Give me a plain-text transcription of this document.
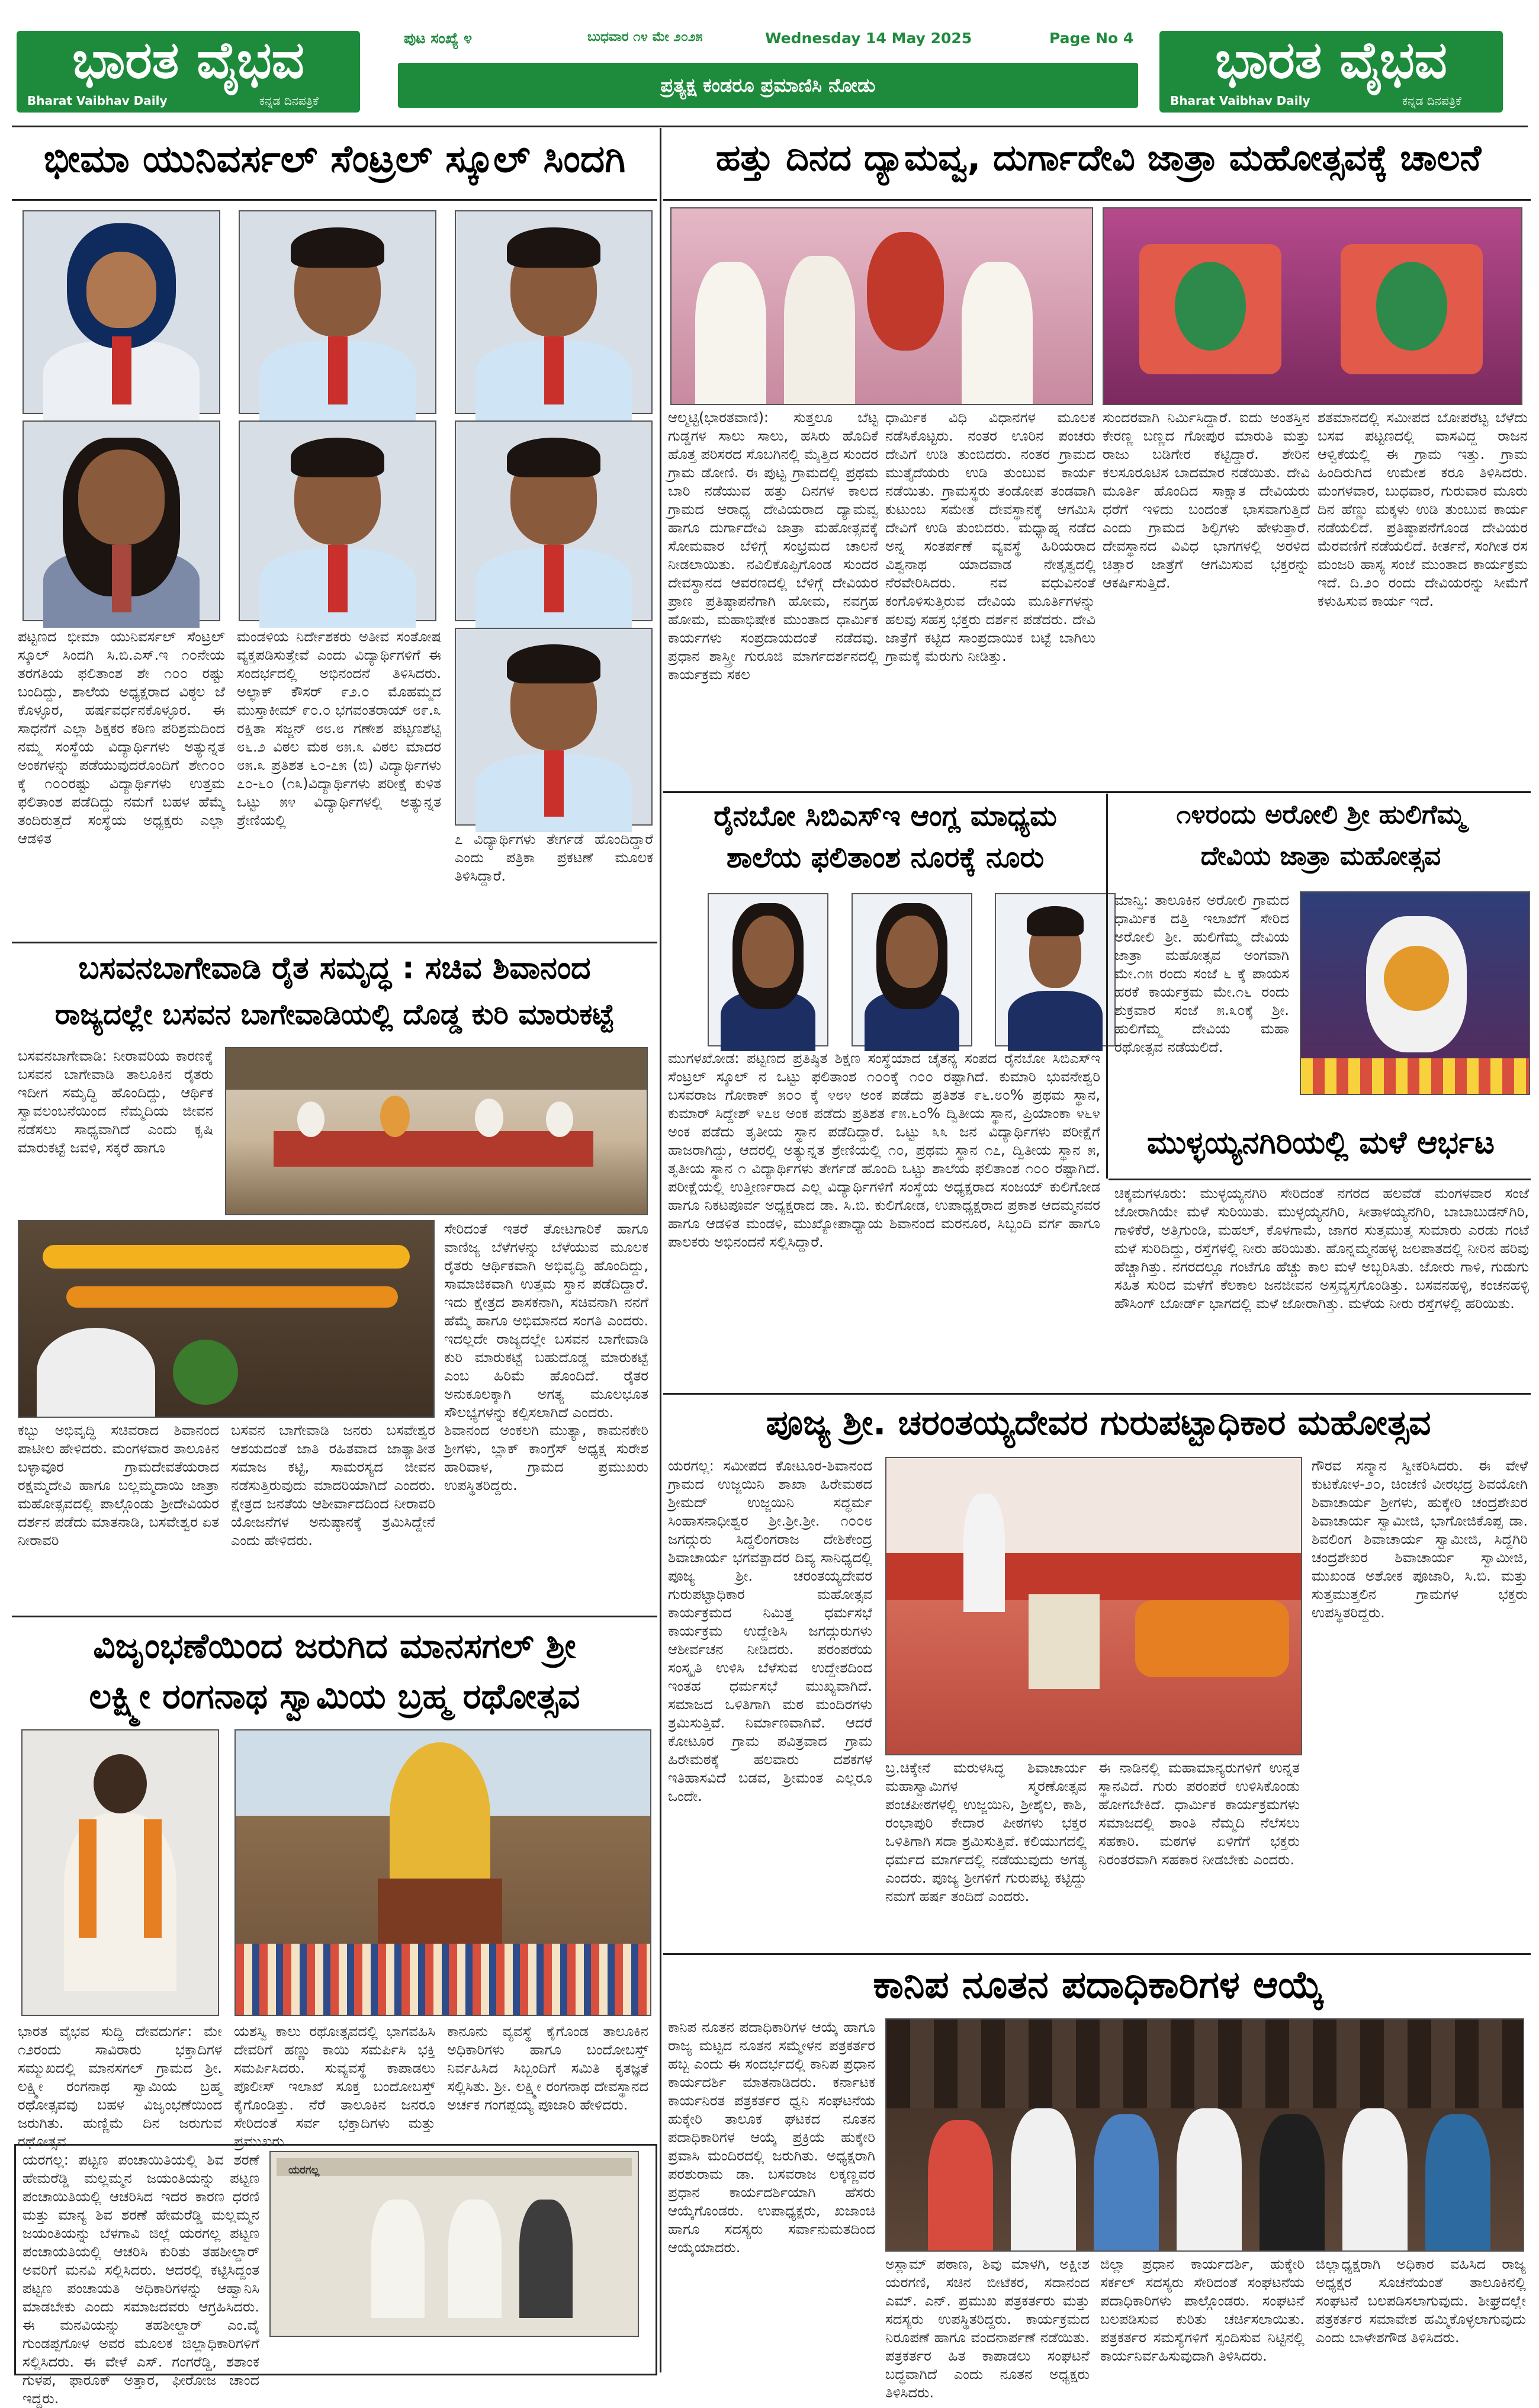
ಭಾರತ ವೈಭವ
Bharat Vaibhav Daily	ಕನ್ನಡ ದಿನಪತ್ರಿಕೆ
ಭಾರತ ವೈಭವ
Bharat Vaibhav Daily	ಕನ್ನಡ ದಿನಪತ್ರಿಕೆ
ಪುಟ ಸಂಖ್ಯೆ ೪	ಬುಧವಾರ ೧೪ ಮೇ ೨೦೨೫	Wednesday 14 May 2025	Page No 4
ಪ್ರತ್ಯಕ್ಷ ಕಂಡರೂ ಪ್ರಮಾಣಿಸಿ ನೋಡು
ಭೀಮಾ ಯುನಿವರ್ಸಲ್ ಸೆಂಟ್ರಲ್ ಸ್ಕೂಲ್ ಸಿಂದಗಿ
ಪಟ್ಟಣದ ಭೀಮಾ ಯುನಿವರ್ಸಲ್ ಸೆಂಟ್ರಲ್ ಸ್ಕೂಲ್ ಸಿಂದಗಿ ಸಿ.ಬಿ.ಎಸ್.ಇ ೧೦ನೇಯ ತರಗತಿಯ ಫಲಿತಾಂಶ ಶೇ ೧೦೦ ರಷ್ಟು ಬಂದಿದ್ದು, ಶಾಲೆಯ ಅಧ್ಯಕ್ಷರಾದ ವಿಠ್ಠಲ ಜೆ ಕೊಳ್ಳೂರ, ಹರ್ಷವರ್ಧನಕೊಳ್ಳೂರ. ಈ ಸಾಧನೆಗೆ ಎಲ್ಲಾ ಶಿಕ್ಷಕರ ಕಠಿಣ ಪರಿಶ್ರಮದಿಂದ ನಮ್ಮ ಸಂಸ್ಥೆಯ ವಿದ್ಯಾರ್ಥಿಗಳು ಅತ್ಯುನ್ನತ ಅಂಕಗಳನ್ನು ಪಡೆಯುವುದರೊಂದಿಗೆ ಶೇ೧೦೦ ಕ್ಕೆ ೧೦೦ರಷ್ಟು ವಿದ್ಯಾರ್ಥಿಗಳು ಉತ್ತಮ ಫಲಿತಾಂಶ ಪಡೆದಿದ್ದು ನಮಗೆ ಬಹಳ ಹೆಮ್ಮೆ ತಂದಿರುತ್ತದೆ ಸಂಸ್ಥೆಯ ಅಧ್ಯಕ್ಷರು ಎಲ್ಲಾ ಆಡಳಿತ
ಮಂಡಳಿಯ ನಿರ್ದೇಶಕರು ಅತೀವ ಸಂತೋಷ ವ್ಯಕ್ತಪಡಿಸುತ್ತೇವೆ ಎಂದು ವಿದ್ಯಾರ್ಥಿಗಳಿಗೆ ಈ ಸಂದರ್ಭದಲ್ಲಿ ಅಭಿನಂದನೆ ತಿಳಿಸಿದರು. ಅಲ್ಫಾಕ್ ಕೌಸರ್ ೯೨.೦ ಮೊಹಮ್ಮದ ಮುಸ್ತಾಕೀಮ್ ೯೦.೦ ಭಗವಂತರಾಯ್ ೮೯.೩ ರಕ್ಷಿತಾ ಸಜ್ಜನ್ ೮೮.೮ ಗಣೇಶ ಪಟ್ಟಣಶೆಟ್ಟಿ ೮೬.೨ ವಿಠಲ ಮಠ ೮೫.೩ ವಿಠಲ ಮಾದರ ೮೫.೩ ಪ್ರತಿಶತ ೬೦-೭೫ (ಬಿ) ವಿದ್ಯಾರ್ಥಿಗಳು ೭೦-೬೦ (೧೩)ವಿದ್ಯಾರ್ಥಿಗಳು ಪರೀಕ್ಷೆ ಕುಳಿತ ಒಟ್ಟು ೫೪ ವಿದ್ಯಾರ್ಥಿಗಳಲ್ಲಿ ಅತ್ಯುನ್ನತ ಶ್ರೇಣಿಯಲ್ಲಿ
೭ ವಿದ್ಯಾರ್ಥಿಗಳು ತೇರ್ಗಡೆ ಹೊಂದಿದ್ದಾರೆ ಎಂದು ಪತ್ರಿಕಾ ಪ್ರಕಟಣೆ ಮೂಲಕ ತಿಳಿಸಿದ್ದಾರೆ.
ಬಸವನಬಾಗೇವಾಡಿ ರೈತ ಸಮೃದ್ಧ : ಸಚಿವ ಶಿವಾನಂದ
ರಾಜ್ಯದಲ್ಲೇ ಬಸವನ ಬಾಗೇವಾಡಿಯಲ್ಲಿ ದೊಡ್ಡ ಕುರಿ ಮಾರುಕಟ್ಟೆ
ಬಸವನಬಾಗೇವಾಡಿ: ನೀರಾವರಿಯ ಕಾರಣಕ್ಕೆ ಬಸವನ ಬಾಗೇವಾಡಿ ತಾಲೂಕಿನ ರೈತರು ಇದೀಗ ಸಮೃದ್ಧಿ ಹೊಂದಿದ್ದು, ಆರ್ಥಿಕ ಸ್ವಾವಲಂಬನೆಯಿಂದ ನೆಮ್ಮದಿಯ ಜೀವನ ನಡೆಸಲು ಸಾಧ್ಯವಾಗಿದೆ ಎಂದು ಕೃಷಿ ಮಾರುಕಟ್ಟೆ ಜವಳಿ, ಸಕ್ಕರೆ ಹಾಗೂ
ಸೇರಿದಂತೆ ಇತರೆ ತೋಟಗಾರಿಕೆ ಹಾಗೂ ವಾಣಿಜ್ಯ ಬೆಳೆಗಳನ್ನು ಬೆಳೆಯುವ ಮೂಲಕ ರೈತರು ಆರ್ಥಿಕವಾಗಿ ಅಭಿವೃದ್ಧಿ ಹೊಂದಿದ್ದು, ಸಾಮಾಜಿಕವಾಗಿ ಉತ್ತಮ ಸ್ಥಾನ ಪಡೆದಿದ್ದಾರೆ. ಇದು ಕ್ಷೇತ್ರದ ಶಾಸಕನಾಗಿ, ಸಚಿವನಾಗಿ ನನಗೆ ಹೆಮ್ಮೆ ಹಾಗೂ ಅಭಿಮಾನದ ಸಂಗತಿ ಎಂದರು. ಇದಲ್ಲದೇ ರಾಜ್ಯದಲ್ಲೇ ಬಸವನ ಬಾಗೇವಾಡಿ ಕುರಿ ಮಾರುಕಟ್ಟೆ ಬಹುದೊಡ್ಡ ಮಾರುಕಟ್ಟೆ ಎಂಬ ಹಿರಿಮೆ ಹೊಂದಿದೆ. ರೈತರ ಅನುಕೂಲಕ್ಕಾಗಿ ಅಗತ್ಯ ಮೂಲಭೂತ ಸೌಲಭ್ಯಗಳನ್ನು ಕಲ್ಪಿಸಲಾಗಿದೆ ಎಂದರು.
ಕಬ್ಬು ಅಭಿವೃದ್ಧಿ ಸಚಿವರಾದ ಶಿವಾನಂದ ಪಾಟೀಲ ಹೇಳಿದರು. ಮಂಗಳವಾರ ತಾಲೂಕಿನ ಬಳ್ಳಾವೂರ ಗ್ರಾಮದೇವತೆಯರಾದ ರಕ್ಷಮ್ಮದೇವಿ ಹಾಗೂ ಬಲ್ಲಮ್ಮದಾಯಿ ಜಾತ್ರಾ ಮಹೋತ್ಸವದಲ್ಲಿ ಪಾಲ್ಗೊಂಡು ಶ್ರೀದೇವಿಯರ ದರ್ಶನ ಪಡೆದು ಮಾತನಾಡಿ, ಬಸವೇಶ್ವರ ಏತ ನೀರಾವರಿ
ಬಸವನ ಬಾಗೇವಾಡಿ ಜನರು ಬಸವೇಶ್ವರ ಆಶಯದಂತೆ ಜಾತಿ ರಹಿತವಾದ ಜಾತ್ಯಾತೀತ ಸಮಾಜ ಕಟ್ಟಿ, ಸಾಮರಸ್ಯದ ಜೀವನ ನಡೆಸುತ್ತಿರುವುದು ಮಾದರಿಯಾಗಿದೆ ಎಂದರು. ಕ್ಷೇತ್ರದ ಜನತೆಯ ಆಶೀರ್ವಾದದಿಂದ ನೀರಾವರಿ ಯೋಜನೆಗಳ ಅನುಷ್ಠಾನಕ್ಕೆ ಶ್ರಮಿಸಿದ್ದೇನೆ ಎಂದು ಹೇಳಿದರು.
ಶಿವಾನಂದ ಅಂಕಲಗಿ ಮುತ್ಯಾ, ಕಾಮನಕೇರಿ ಶ್ರೀಗಳು, ಬ್ಲಾಕ್ ಕಾಂಗ್ರೆಸ್ ಅಧ್ಯಕ್ಷ ಸುರೇಶ ಹಾರಿವಾಳ, ಗ್ರಾಮದ ಪ್ರಮುಖರು ಉಪಸ್ಥಿತರಿದ್ದರು.
ವಿಜೃಂಭಣೆಯಿಂದ ಜರುಗಿದ ಮಾನಸಗಲ್ ಶ್ರೀ
ಲಕ್ಷ್ಮೀ ರಂಗನಾಥ ಸ್ವಾಮಿಯ ಬ್ರಹ್ಮ ರಥೋತ್ಸವ
ಭಾರತ ವೈಭವ ಸುದ್ದಿ ದೇವದುರ್ಗ: ಮೇ ೧೨ರಂದು ಸಾವಿರಾರು ಭಕ್ತಾದಿಗಳ ಸಮ್ಮುಖದಲ್ಲಿ ಮಾನಸಗಲ್ ಗ್ರಾಮದ ಶ್ರೀ. ಲಕ್ಷ್ಮೀ ರಂಗನಾಥ ಸ್ವಾಮಿಯ ಬ್ರಹ್ಮ ರಥೋತ್ಸವವು ಬಹಳ ವಿಜೃಂಭಣೆಯಿಂದ ಜರುಗಿತು. ಹುಣ್ಣಿಮೆ ದಿನ ಜರುಗುವ ರಥೋತ್ಸವ
ಯಶಸ್ವಿ ಕಾಲು ರಥೋತ್ಸವದಲ್ಲಿ ಭಾಗವಹಿಸಿ ದೇವರಿಗೆ ಹಣ್ಣು ಕಾಯಿ ಸಮರ್ಪಿಸಿ ಭಕ್ತಿ ಸಮರ್ಪಿಸಿದರು. ಸುವ್ಯವಸ್ಥೆ ಕಾಪಾಡಲು ಪೊಲೀಸ್ ಇಲಾಖೆ ಸೂಕ್ತ ಬಂದೋಬಸ್ತ್ ಕೈಗೊಂಡಿತ್ತು. ನೆರೆ ತಾಲೂಕಿನ ಜನರೂ ಸೇರಿದಂತೆ ಸರ್ವ ಭಕ್ತಾದಿಗಳು ಮತ್ತು ಪ್ರಮುಖರು
ಕಾನೂನು ವ್ಯವಸ್ಥೆ ಕೈಗೊಂಡ ತಾಲೂಕಿನ ಅಧಿಕಾರಿಗಳು ಹಾಗೂ ಬಂದೋಬಸ್ತ್ ನಿರ್ವಹಿಸಿದ ಸಿಬ್ಬಂದಿಗೆ ಸಮಿತಿ ಕೃತಜ್ಞತೆ ಸಲ್ಲಿಸಿತು. ಶ್ರೀ. ಲಕ್ಷ್ಮೀ ರಂಗನಾಥ ದೇವಸ್ಥಾನದ ಅರ್ಚಕ ಗಂಗಪ್ಪಯ್ಯ ಪೂಜಾರಿ ಹೇಳಿದರು.
ಯರಗಲ್ಲ: ಪಟ್ಟಣ ಪಂಚಾಯಿತಿಯಲ್ಲಿ ಶಿವ ಶರಣೆ ಹೇಮರೆಡ್ಡಿ ಮಲ್ಲಮ್ಮನ ಜಯಂತಿಯನ್ನು ಪಟ್ಟಣ ಪಂಚಾಯಿತಿಯಲ್ಲಿ ಆಚರಿಸಿದ ಇದರ ಕಾರಣ ಧರಣಿ ಮತ್ತು ಮಾನ್ಯ ಶಿವ ಶರಣೆ ಹೇಮರೆಡ್ಡಿ ಮಲ್ಲಮ್ಮನ ಜಯಂತಿಯನ್ನು ಬೆಳಗಾವಿ ಜಿಲ್ಲೆ ಯರಗಲ್ಲ ಪಟ್ಟಣ ಪಂಚಾಯತಿಯಲ್ಲಿ ಆಚರಿಸಿ ಕುರಿತು ತಹಶೀಲ್ದಾರ್ ಅವರಿಗೆ ಮನವಿ ಸಲ್ಲಿಸಿದರು. ಆದರಲ್ಲಿ ಕಟ್ಟಿಸಿದ್ದಂತ ಪಟ್ಟಣ ಪಂಚಾಯತಿ ಅಧಿಕಾರಿಗಳನ್ನು ಆಹ್ವಾನಿಸಿ ಮಾಡಬೇಕು ಎಂದು ಸಮಾಜದವರು ಆಗ್ರಹಿಸಿದರು. ಈ ಮನವಿಯನ್ನು ತಹಶೀಲ್ದಾರ್ ಎಂ.ವೈ ಗುಂಡಪ್ಪಗೋಳ ಅವರ ಮೂಲಕ ಜಿಲ್ಲಾಧಿಕಾರಿಗಳಿಗೆ ಸಲ್ಲಿಸಿದರು. ಈ ವೇಳೆ ಎಸ್. ಗಂಗರೆಡ್ಡಿ, ಶಶಾಂಕ ಗುಳಪ, ಫಾರೂಕ್ ಅತ್ತಾರ, ಫೀರೋಜ ಚಾಂದ ಇದ್ದರು.
ಯರಗಲ್ಲ
ಹತ್ತು ದಿನದ ದ್ಯಾಮವ್ವ, ದುರ್ಗಾದೇವಿ ಜಾತ್ರಾ ಮಹೋತ್ಸವಕ್ಕೆ ಚಾಲನೆ
ಆಲ್ಮಟ್ಟಿ(ಭಾರತವಾಣಿ): ಸುತ್ತಲೂ ಬೆಟ್ಟ ಗುಡ್ಡಗಳ ಸಾಲು ಸಾಲು, ಹಸಿರು ಹೊದಿಕೆ ಹೊತ್ತ ಪರಿಸರದ ಸೊಬಗಿನಲ್ಲಿ ಮೈತ್ತಿದ ಸುಂದರ ಗ್ರಾಮ ಡೋಣಿ. ಈ ಪುಟ್ಟ ಗ್ರಾಮದಲ್ಲಿ ಪ್ರಥಮ ಬಾರಿ ನಡೆಯುವ ಹತ್ತು ದಿನಗಳ ಕಾಲದ ಗ್ರಾಮದ ಆರಾಧ್ಯ ದೇವಿಯರಾದ ದ್ಯಾಮವ್ವ ಹಾಗೂ ದುರ್ಗಾದೇವಿ ಜಾತ್ರಾ ಮಹೋತ್ಸವಕ್ಕೆ ಸೋಮವಾರ ಬೆಳಿಗ್ಗೆ ಸಂಭ್ರಮದ ಚಾಲನೆ ನೀಡಲಾಯಿತು. ನವಿಲಿಕೊಪ್ಪಿಗೊಂಡ ಸುಂದರ ದೇವಸ್ಥಾನದ ಆವರಣದಲ್ಲಿ ಬೆಳಿಗ್ಗೆ ದೇವಿಯರ ಪ್ರಾಣ ಪ್ರತಿಷ್ಠಾಪನೆಗಾಗಿ ಹೋಮ, ನವಗ್ರಹ ಹೋಮ, ಮಹಾಭಿಷೇಕ ಮುಂತಾದ ಧಾರ್ಮಿಕ ಕಾರ್ಯಗಳು ಸಂಪ್ರದಾಯದಂತೆ ನಡೆದವು. ಪ್ರಧಾನ ಶಾಸ್ತ್ರೀ ಗುರೂಜಿ ಮಾರ್ಗದರ್ಶನದಲ್ಲಿ ಕಾರ್ಯಕ್ರಮ ಸಕಲ
ಧಾರ್ಮಿಕ ವಿಧಿ ವಿಧಾನಗಳ ಮೂಲಕ ನಡೆಸಿಕೊಟ್ಟರು. ನಂತರ ಊರಿನ ಪಂಚರು ದೇವಿಗೆ ಉಡಿ ತುಂಬಿದರು. ನಂತರ ಗ್ರಾಮದ ಮುತ್ತೈದೆಯರು ಉಡಿ ತುಂಬುವ ಕಾರ್ಯ ನಡೆಯಿತು. ಗ್ರಾಮಸ್ಥರು ತಂಡೋಪ ತಂಡವಾಗಿ ಕುಟುಂಬ ಸಮೇತ ದೇವಸ್ಥಾನಕ್ಕೆ ಆಗಮಿಸಿ ದೇವಿಗೆ ಉಡಿ ತುಂಬಿದರು. ಮಧ್ಯಾಹ್ನ ನಡೆದ ಅನ್ನ ಸಂತರ್ಪಣೆ ವ್ಯವಸ್ಥೆ ಹಿರಿಯರಾದ ವಿಶ್ವನಾಥ ಯಾದವಾಡ ನೇತೃತ್ವದಲ್ಲಿ ನೆರವೇರಿಸಿದರು. ನವ ವಧುವಿನಂತೆ ಕಂಗೊಳಿಸುತ್ತಿರುವ ದೇವಿಯ ಮೂರ್ತಿಗಳನ್ನು ಹಲವು ಸಹಸ್ರ ಭಕ್ತರು ದರ್ಶನ ಪಡೆದರು. ದೇವಿ ಜಾತ್ರೆಗೆ ಕಟ್ಟಿದ ಸಾಂಪ್ರದಾಯಿಕ ಬಟ್ಟೆ ಬಾಗಿಲು ಗ್ರಾಮಕ್ಕೆ ಮೆರುಗು ನೀಡಿತ್ತು.
ಸುಂದರವಾಗಿ ನಿರ್ಮಿಸಿದ್ದಾರೆ. ಐದು ಅಂತಸ್ತಿನ ಕೇರಣ್ಣ ಬಣ್ಣದ ಗೋಪುರ ಮಾರುತಿ ಮತ್ತು ರಾಜು ಬಡಿಗೇರ ಕಟ್ಟಿದ್ದಾರೆ. ಶೇರಿನ ಕಲಸೂರೂಟಿಸ ಬಾದಮಾರ ನಡೆಯಿತು. ದೇವಿ ಮೂರ್ತಿ ಹೊಂದಿದ ಸಾಕ್ಷಾತ ದೇವಿಯರು ಧರೆಗೆ ಇಳಿದು ಬಂದಂತೆ ಭಾಸವಾಗುತ್ತಿದೆ ಎಂದು ಗ್ರಾಮದ ಶಿಲ್ಪಿಗಳು ಹೇಳುತ್ತಾರೆ. ದೇವಸ್ಥಾನದ ವಿವಿಧ ಭಾಗಗಳಲ್ಲಿ ಅರಳಿದ ಚಿತ್ತಾರ ಜಾತ್ರೆಗೆ ಆಗಮಿಸುವ ಭಕ್ತರನ್ನು ಆಕರ್ಷಿಸುತ್ತಿದೆ.
ಶತಮಾನದಲ್ಲಿ ಸಮೀಪದ ಬೋಪರೆಟ್ಟ ಬೆಳೆದು ಬಸವ ಪಟ್ಟಣದಲ್ಲಿ ವಾಸವಿದ್ದ ರಾಜನ ಆಳ್ವಿಕೆಯಲ್ಲಿ ಈ ಗ್ರಾಮ ಇತ್ತು. ಗ್ರಾಮ ಹಿಂದಿರುಗಿದ ಉಮೇಶ ಕರೂ ತಿಳಿಸಿದರು. ಮಂಗಳವಾರ, ಬುಧವಾರ, ಗುರುವಾರ ಮೂರು ದಿನ ಹೆಣ್ಣು ಮಕ್ಕಳು ಉಡಿ ತುಂಬುವ ಕಾರ್ಯ ನಡೆಯಲಿದೆ. ಪ್ರತಿಷ್ಠಾಪನೆಗೊಂಡ ದೇವಿಯರ ಮೆರವಣಿಗೆ ನಡೆಯಲಿದೆ. ಕೀರ್ತನೆ, ಸಂಗೀತ ರಸ ಮಂಜರಿ ಹಾಸ್ಯ ಸಂಜೆ ಮುಂತಾದ ಕಾರ್ಯಕ್ರಮ ಇದೆ. ದಿ.೨೦ ರಂದು ದೇವಿಯರನ್ನು ಸೀಮೆಗೆ ಕಳುಹಿಸುವ ಕಾರ್ಯ ಇದೆ.
ರೈನಬೋ ಸಿಬಿಎಸ್‌ಇ ಆಂಗ್ಲ ಮಾಧ್ಯಮ
ಶಾಲೆಯ ಫಲಿತಾಂಶ ನೂರಕ್ಕೆ ನೂರು
ಮುಗಳಖೋಡ: ಪಟ್ಟಣದ ಪ್ರತಿಷ್ಠಿತ ಶಿಕ್ಷಣ ಸಂಸ್ಥೆಯಾದ ಚೈತನ್ಯ ಸಂಪದ ರೈನಬೋ ಸಿಬಿಎಸ್‌ಇ ಸೆಂಟ್ರಲ್ ಸ್ಕೂಲ್ ನ ಒಟ್ಟು ಫಲಿತಾಂಶ ೧೦೦ಕ್ಕೆ ೧೦೦ ರಷ್ಟಾಗಿದೆ. ಕುಮಾರಿ ಭುವನೇಶ್ವರಿ ಬಸವರಾಜ ಗೋಕಾಕ್ ೫೦೦ ಕ್ಕೆ ೪೮೪ ಅಂಕ ಪಡೆದು ಪ್ರತಿಶತ ೯೬.೮೦% ಪ್ರಥಮ ಸ್ಥಾನ, ಕುಮಾರ್ ಸಿದ್ದೇಶ್ ೪೭೮ ಅಂಕ ಪಡೆದು ಪ್ರತಿಶತ ೯೫.೬೦% ದ್ವಿತೀಯ ಸ್ಥಾನ, ಪ್ರಿಯಾಂಕಾ ೪೬೪ ಅಂಕ ಪಡೆದು ತೃತೀಯ ಸ್ಥಾನ ಪಡೆದಿದ್ದಾರೆ. ಒಟ್ಟು ೩೩ ಜನ ವಿದ್ಯಾರ್ಥಿಗಳು ಪರೀಕ್ಷೆಗೆ ಹಾಜರಾಗಿದ್ದು, ಆದರಲ್ಲಿ ಅತ್ಯುನ್ನತ ಶ್ರೇಣಿಯಲ್ಲಿ ೧೦, ಪ್ರಥಮ ಸ್ಥಾನ ೧೭, ದ್ವಿತೀಯ ಸ್ಥಾನ ೫, ತೃತೀಯ ಸ್ಥಾನ ೧ ವಿದ್ಯಾರ್ಥಿಗಳು ತೇರ್ಗಡೆ ಹೊಂದಿ ಒಟ್ಟು ಶಾಲೆಯ ಫಲಿತಾಂಶ ೧೦೦ ರಷ್ಟಾಗಿದೆ. ಪರೀಕ್ಷೆಯಲ್ಲಿ ಉತ್ತೀರ್ಣರಾದ ಎಲ್ಲ ವಿದ್ಯಾರ್ಥಿಗಳಿಗೆ ಸಂಸ್ಥೆಯ ಅಧ್ಯಕ್ಷರಾದ ಸಂಜಯ್ ಕುಲಿಗೋಡ ಹಾಗೂ ನಿಕಟಪೂರ್ವ ಅಧ್ಯಕ್ಷರಾದ ಡಾ. ಸಿ.ಬಿ. ಕುಲಿಗೋಡ, ಉಪಾಧ್ಯಕ್ಷರಾದ ಪ್ರಕಾಶ ಆದಮ್ಮನವರ ಹಾಗೂ ಆಡಳಿತ ಮಂಡಳಿ, ಮುಖ್ಯೋಪಾಧ್ಯಾಯ ಶಿವಾನಂದ ಮರನೂರ, ಸಿಬ್ಬಂದಿ ವರ್ಗ ಹಾಗೂ ಪಾಲಕರು ಅಭಿನಂದನೆ ಸಲ್ಲಿಸಿದ್ದಾರೆ.
೧೪ರಂದು ಅರೋಲಿ ಶ್ರೀ ಹುಲಿಗೆಮ್ಮ
ದೇವಿಯ ಜಾತ್ರಾ ಮಹೋತ್ಸವ
ಮಾನ್ವಿ: ತಾಲೂಕಿನ ಅರೋಲಿ ಗ್ರಾಮದ ಧಾರ್ಮಿಕ ದತ್ತಿ ಇಲಾಖೆಗೆ ಸೇರಿದ ಅರೋಲಿ ಶ್ರೀ. ಹುಲಿಗೆಮ್ಮ ದೇವಿಯ ಜಾತ್ರಾ ಮಹೋತ್ಸವ ಅಂಗವಾಗಿ ಮೇ.೧೫ ರಂದು ಸಂಜೆ ೬ ಕ್ಕೆ ಪಾಯಸ ಹರಕೆ ಕಾರ್ಯಕ್ರಮ ಮೇ.೧೬ ರಂದು ಶುಕ್ರವಾರ ಸಂಜೆ ೫.೩೦ಕ್ಕೆ ಶ್ರೀ. ಹುಲಿಗೆಮ್ಮ ದೇವಿಯ ಮಹಾ ರಥೋತ್ಸವ ನಡೆಯಲಿದೆ.
ಮುಳ್ಳಯ್ಯನಗಿರಿಯಲ್ಲಿ ಮಳೆ ಆರ್ಭಟ
ಚಿಕ್ಕಮಗಳೂರು: ಮುಳ್ಳಯ್ಯನಗಿರಿ ಸೇರಿದಂತೆ ನಗರದ ಹಲವೆಡೆ ಮಂಗಳವಾರ ಸಂಜೆ ಜೋರಾಗಿಯೇ ಮಳೆ ಸುರಿಯಿತು. ಮುಳ್ಳಯ್ಯನಗಿರಿ, ಸೀತಾಳಯ್ಯನಗಿರಿ, ಬಾಬಾಬುಡನ್‌ಗಿರಿ, ಗಾಳಿಕೆರೆ, ಅತ್ತಿಗುಂಡಿ, ಮಹಲ್, ಕೊಳಗಾಮೆ, ಜಾಗರ ಸುತ್ತಮುತ್ತ ಸುಮಾರು ಎರಡು ಗಂಟೆ ಮಳೆ ಸುರಿದಿದ್ದು, ರಸ್ತೆಗಳಲ್ಲಿ ನೀರು ಹರಿಯಿತು. ಹೊನ್ನಮ್ಮನಹಳ್ಳ ಜಲಪಾತದಲ್ಲಿ ನೀರಿನ ಹರಿವು ಹೆಚ್ಚಾಗಿತ್ತು. ನಗರದಲ್ಲೂ ಗಂಟೆಗೂ ಹೆಚ್ಚು ಕಾಲ ಮಳೆ ಅಬ್ಬರಿಸಿತು. ಜೋರು ಗಾಳಿ, ಗುಡುಗು ಸಹಿತ ಸುರಿದ ಮಳೆಗೆ ಕೆಲಕಾಲ ಜನಜೀವನ ಅಸ್ತವ್ಯಸ್ತಗೊಂಡಿತ್ತು. ಬಸವನಹಳ್ಳಿ, ಕಂಚನಹಳ್ಳಿ ಹೌಸಿಂಗ್ ಬೋರ್ಡ್ ಭಾಗದಲ್ಲಿ ಮಳೆ ಜೋರಾಗಿತ್ತು. ಮಳೆಯ ನೀರು ರಸ್ತೆಗಳಲ್ಲಿ ಹರಿಯಿತು.
ಪೂಜ್ಯ ಶ್ರೀ. ಚರಂತಯ್ಯದೇವರ ಗುರುಪಟ್ಟಾಧಿಕಾರ ಮಹೋತ್ಸವ
ಯರಗಲ್ಲ: ಸಮೀಪದ ಕೋಟೂರ-ಶಿವಾನಂದ ಗ್ರಾಮದ ಉಜ್ಜಯಿನಿ ಶಾಖಾ ಹಿರೇಮಠದ ಶ್ರೀಮದ್ ಉಜ್ಜಯಿನಿ ಸದ್ಧರ್ಮ ಸಿಂಹಾಸನಾಧೀಶ್ವರ ಶ್ರೀ.ಶ್ರೀ.ಶ್ರೀ. ೧೦೦೮ ಜಗದ್ಗುರು ಸಿದ್ದಲಿಂಗರಾಜ ದೇಶಿಕೇಂದ್ರ ಶಿವಾಚಾರ್ಯ ಭಗವತ್ಪಾದರ ದಿವ್ಯ ಸಾನಿಧ್ಯದಲ್ಲಿ ಪೂಜ್ಯ ಶ್ರೀ. ಚರಂತಯ್ಯದೇವರ ಗುರುಪಟ್ಟಾಧಿಕಾರ ಮಹೋತ್ಸವ ಕಾರ್ಯಕ್ರಮದ ನಿಮಿತ್ತ ಧರ್ಮಸಭೆ ಕಾರ್ಯಕ್ರಮ ಉದ್ದೇಶಿಸಿ ಜಗದ್ಗುರುಗಳು ಆಶೀರ್ವಚನ ನೀಡಿದರು. ಪರಂಪರೆಯ ಸಂಸ್ಕೃತಿ ಉಳಿಸಿ ಬೆಳೆಸುವ ಉದ್ದೇಶದಿಂದ ಇಂತಹ ಧರ್ಮಸಭೆ ಮುಖ್ಯವಾಗಿದೆ. ಸಮಾಜದ ಒಳಿತಿಗಾಗಿ ಮಠ ಮಂದಿರಗಳು ಶ್ರಮಿಸುತ್ತಿವೆ. ನಿರ್ಮಾಣವಾಗಿವೆ. ಆದರೆ ಕೋಟೂರ ಗ್ರಾಮ ಪವಿತ್ರವಾದ ಗ್ರಾಮ ಹಿರೇಮಠಕ್ಕೆ ಹಲವಾರು ದಶಕಗಳ ಇತಿಹಾಸವಿದೆ ಬಡವ, ಶ್ರೀಮಂತ ಎಲ್ಲರೂ ಒಂದೇ.
ಗೌರವ ಸನ್ಮಾನ ಸ್ವೀಕರಿಸಿದರು. ಈ ವೇಳೆ ಕುಟಕೋಳ-೨೦, ಚಿಂಚಣಿ ವೀರಭದ್ರ ಶಿವಯೋಗಿ ಶಿವಾಚಾರ್ಯ ಶ್ರೀಗಳು, ಹುಕ್ಕೇರಿ ಚಂದ್ರಶೇಖರ ಶಿವಾಚಾರ್ಯ ಸ್ವಾಮೀಜಿ, ಭಾಗೋಜಿಕೊಪ್ಪ ಡಾ. ಶಿವಲಿಂಗ ಶಿವಾಚಾರ್ಯ ಸ್ವಾಮೀಜಿ, ಸಿದ್ದಗಿರಿ ಚಂದ್ರಶೇಖರ ಶಿವಾಚಾರ್ಯ ಸ್ವಾಮೀಜಿ, ಮುಖಂಡ ಅಶೋಕ ಪೂಜಾರಿ, ಸಿ.ಬಿ. ಮತ್ತು ಸುತ್ತಮುತ್ತಲಿನ ಗ್ರಾಮಗಳ ಭಕ್ತರು ಉಪಸ್ಥಿತರಿದ್ದರು.
ಬ್ರ.ಚಿಕ್ಕೇನೆ ಮರುಳಸಿದ್ಧ ಶಿವಾಚಾರ್ಯ ಮಹಾಸ್ವಾಮಿಗಳ ಸ್ಮರಣೋತ್ಸವ ಪಂಚಪೀಠಗಳಲ್ಲಿ ಉಜ್ಜಯಿನಿ, ಶ್ರೀಶೈಲ, ಕಾಶಿ, ರಂಭಾಪುರಿ ಕೇದಾರ ಪೀಠಗಳು ಭಕ್ತರ ಒಳಿತಿಗಾಗಿ ಸದಾ ಶ್ರಮಿಸುತ್ತಿವೆ. ಕಲಿಯುಗದಲ್ಲಿ ಧರ್ಮದ ಮಾರ್ಗದಲ್ಲಿ ನಡೆಯುವುದು ಅಗತ್ಯ ಎಂದರು. ಪೂಜ್ಯ ಶ್ರೀಗಳಿಗೆ ಗುರುಪಟ್ಟ ಕಟ್ಟಿದ್ದು ನಮಗೆ ಹರ್ಷ ತಂದಿದೆ ಎಂದರು.
ಈ ನಾಡಿನಲ್ಲಿ ಮಹಾಮಾನ್ಯರುಗಳಿಗೆ ಉನ್ನತ ಸ್ಥಾನವಿದೆ. ಗುರು ಪರಂಪರೆ ಉಳಿಸಿಕೊಂಡು ಹೋಗಬೇಕಿದೆ. ಧಾರ್ಮಿಕ ಕಾರ್ಯಕ್ರಮಗಳು ಸಮಾಜದಲ್ಲಿ ಶಾಂತಿ ನೆಮ್ಮದಿ ನೆಲೆಸಲು ಸಹಕಾರಿ. ಮಠಗಳ ಏಳಿಗೆಗೆ ಭಕ್ತರು ನಿರಂತರವಾಗಿ ಸಹಕಾರ ನೀಡಬೇಕು ಎಂದರು.
ಕಾನಿಪ ನೂತನ ಪದಾಧಿಕಾರಿಗಳ ಆಯ್ಕೆ
ಕಾನಿಪ ನೂತನ ಪದಾಧಿಕಾರಿಗಳ ಆಯ್ಕೆ ಹಾಗೂ ರಾಜ್ಯ ಮಟ್ಟದ ನೂತನ ಸಮ್ಮೇಳನ ಪತ್ರಕರ್ತರ ಹಬ್ಬ ಎಂದು ಈ ಸಂದರ್ಭದಲ್ಲಿ ಕಾನಿಪ ಪ್ರಧಾನ ಕಾರ್ಯದರ್ಶಿ ಮಾತನಾಡಿದರು. ಕರ್ನಾಟಕ ಕಾರ್ಯನಿರತ ಪತ್ರಕರ್ತರ ಧ್ವನಿ ಸಂಘಟನೆಯ ಹುಕ್ಕೇರಿ ತಾಲೂಕ ಘಟಕದ ನೂತನ ಪದಾಧಿಕಾರಿಗಳ ಆಯ್ಕೆ ಪ್ರಕ್ರಿಯೆ ಹುಕ್ಕೇರಿ ಪ್ರವಾಸಿ ಮಂದಿರದಲ್ಲಿ ಜರುಗಿತು. ಅಧ್ಯಕ್ಷರಾಗಿ ಪರಶುರಾಮ ಡಾ. ಬಸವರಾಜ ಲಕ್ಕಣ್ಣವರ ಪ್ರಧಾನ ಕಾರ್ಯದರ್ಶಿಯಾಗಿ ಹೆಸರು ಆಯ್ಕೆಗೊಂಡರು. ಉಪಾಧ್ಯಕ್ಷರು, ಖಜಾಂಚಿ ಹಾಗೂ ಸದಸ್ಯರು ಸರ್ವಾನುಮತದಿಂದ ಆಯ್ಕೆಯಾದರು.
ಅಸ್ಲಾಮ್ ಪಠಾಣ, ಶಿವು ಮಾಳಗಿ, ಅಕ್ಷೀಶ ಯರಗಣಿ, ಸಚಿನ ಬೀಟೆಕರ, ಸದಾನಂದ ಎಮ್. ಎನ್. ಪ್ರಮುಖ ಪತ್ರಕರ್ತರು ಮತ್ತು ಸದಸ್ಯರು ಉಪಸ್ಥಿತರಿದ್ದರು. ಕಾರ್ಯಕ್ರಮದ ನಿರೂಪಣೆ ಹಾಗೂ ವಂದನಾರ್ಪಣೆ ನಡೆಯಿತು. ಪತ್ರಕರ್ತರ ಹಿತ ಕಾಪಾಡಲು ಸಂಘಟನೆ ಬದ್ಧವಾಗಿದೆ ಎಂದು ನೂತನ ಅಧ್ಯಕ್ಷರು ತಿಳಿಸಿದರು.
ಜಿಲ್ಲಾ ಪ್ರಧಾನ ಕಾರ್ಯದರ್ಶಿ, ಹುಕ್ಕೇರಿ ಸರ್ಕಲ್ ಸದಸ್ಯರು ಸೇರಿದಂತೆ ಸಂಘಟನೆಯ ಪದಾಧಿಕಾರಿಗಳು ಪಾಲ್ಗೊಂಡರು. ಸಂಘಟನೆ ಬಲಪಡಿಸುವ ಕುರಿತು ಚರ್ಚಿಸಲಾಯಿತು. ಪತ್ರಕರ್ತರ ಸಮಸ್ಯೆಗಳಿಗೆ ಸ್ಪಂದಿಸುವ ನಿಟ್ಟಿನಲ್ಲಿ ಕಾರ್ಯನಿರ್ವಹಿಸುವುದಾಗಿ ತಿಳಿಸಿದರು.
ಜಿಲ್ಲಾಧ್ಯಕ್ಷರಾಗಿ ಅಧಿಕಾರ ವಹಿಸಿದ ರಾಜ್ಯ ಅಧ್ಯಕ್ಷರ ಸೂಚನೆಯಂತೆ ತಾಲೂಕಿನಲ್ಲಿ ಸಂಘಟನೆ ಬಲಪಡಿಸಲಾಗುವುದು. ಶೀಘ್ರದಲ್ಲೇ ಪತ್ರಕರ್ತರ ಸಮಾವೇಶ ಹಮ್ಮಿಕೊಳ್ಳಲಾಗುವುದು ಎಂದು ಬಾಳೇಶಗೌಡ ತಿಳಿಸಿದರು.
